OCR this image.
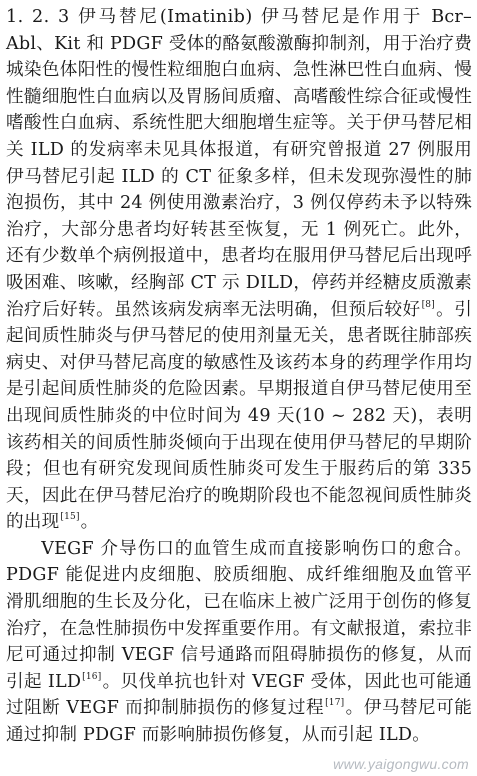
1. 2. 3 伊马替尼(Imatinib) 伊马替尼是作用于 Bcr–Abl、Kit 和 PDGF 受体的酪氨酸激酶抑制剂，用于治疗费城染色体阳性的慢性粒细胞白血病、急性淋巴性白血病、慢性髓细胞性白血病以及胃肠间质瘤、高嗜酸性综合征或慢性嗜酸性白血病、系统性肥大细胞增生症等。关于伊马替尼相关 ILD 的发病率未见具体报道，有研究曾报道 27 例服用伊马替尼引起 ILD 的 CT 征象多样，但未发现弥漫性的肺泡损伤，其中 24 例使用激素治疗，3 例仅停药未予以特殊治疗，大部分患者均好转甚至恢复，无 1 例死亡。此外，还有少数单个病例报道中，患者均在服用伊马替尼后出现呼吸困难、咳嗽，经胸部 CT 示 DILD，停药并经糖皮质激素治疗后好转。虽然该病发病率无法明确，但预后较好[8]。引起间质性肺炎与伊马替尼的使用剂量无关，患者既往肺部疾病史、对伊马替尼高度的敏感性及该药本身的药理学作用均是引起间质性肺炎的危险因素。早期报道自伊马替尼使用至出现间质性肺炎的中位时间为 49 天(10 ~ 282 天)，表明该药相关的间质性肺炎倾向于出现在使用伊马替尼的早期阶段；但也有研究发现间质性肺炎可发生于服药后的第 335 天，因此在伊马替尼治疗的晚期阶段也不能忽视间质性肺炎的出现[15]。

VEGF 介导伤口的血管生成而直接影响伤口的愈合。PDGF 能促进内皮细胞、胶质细胞、成纤维细胞及血管平滑肌细胞的生长及分化，已在临床上被广泛用于创伤的修复治疗，在急性肺损伤中发挥重要作用。有文献报道，索拉非尼可通过抑制 VEGF 信号通路而阻碍肺损伤的修复，从而引起 ILD[16]。贝伐单抗也针对 VEGF 受体，因此也可能通过阻断 VEGF 而抑制肺损伤的修复过程[17]。伊马替尼可能通过抑制 PDGF 而影响肺损伤修复，从而引起 ILD。

www.yaigongwu.com
